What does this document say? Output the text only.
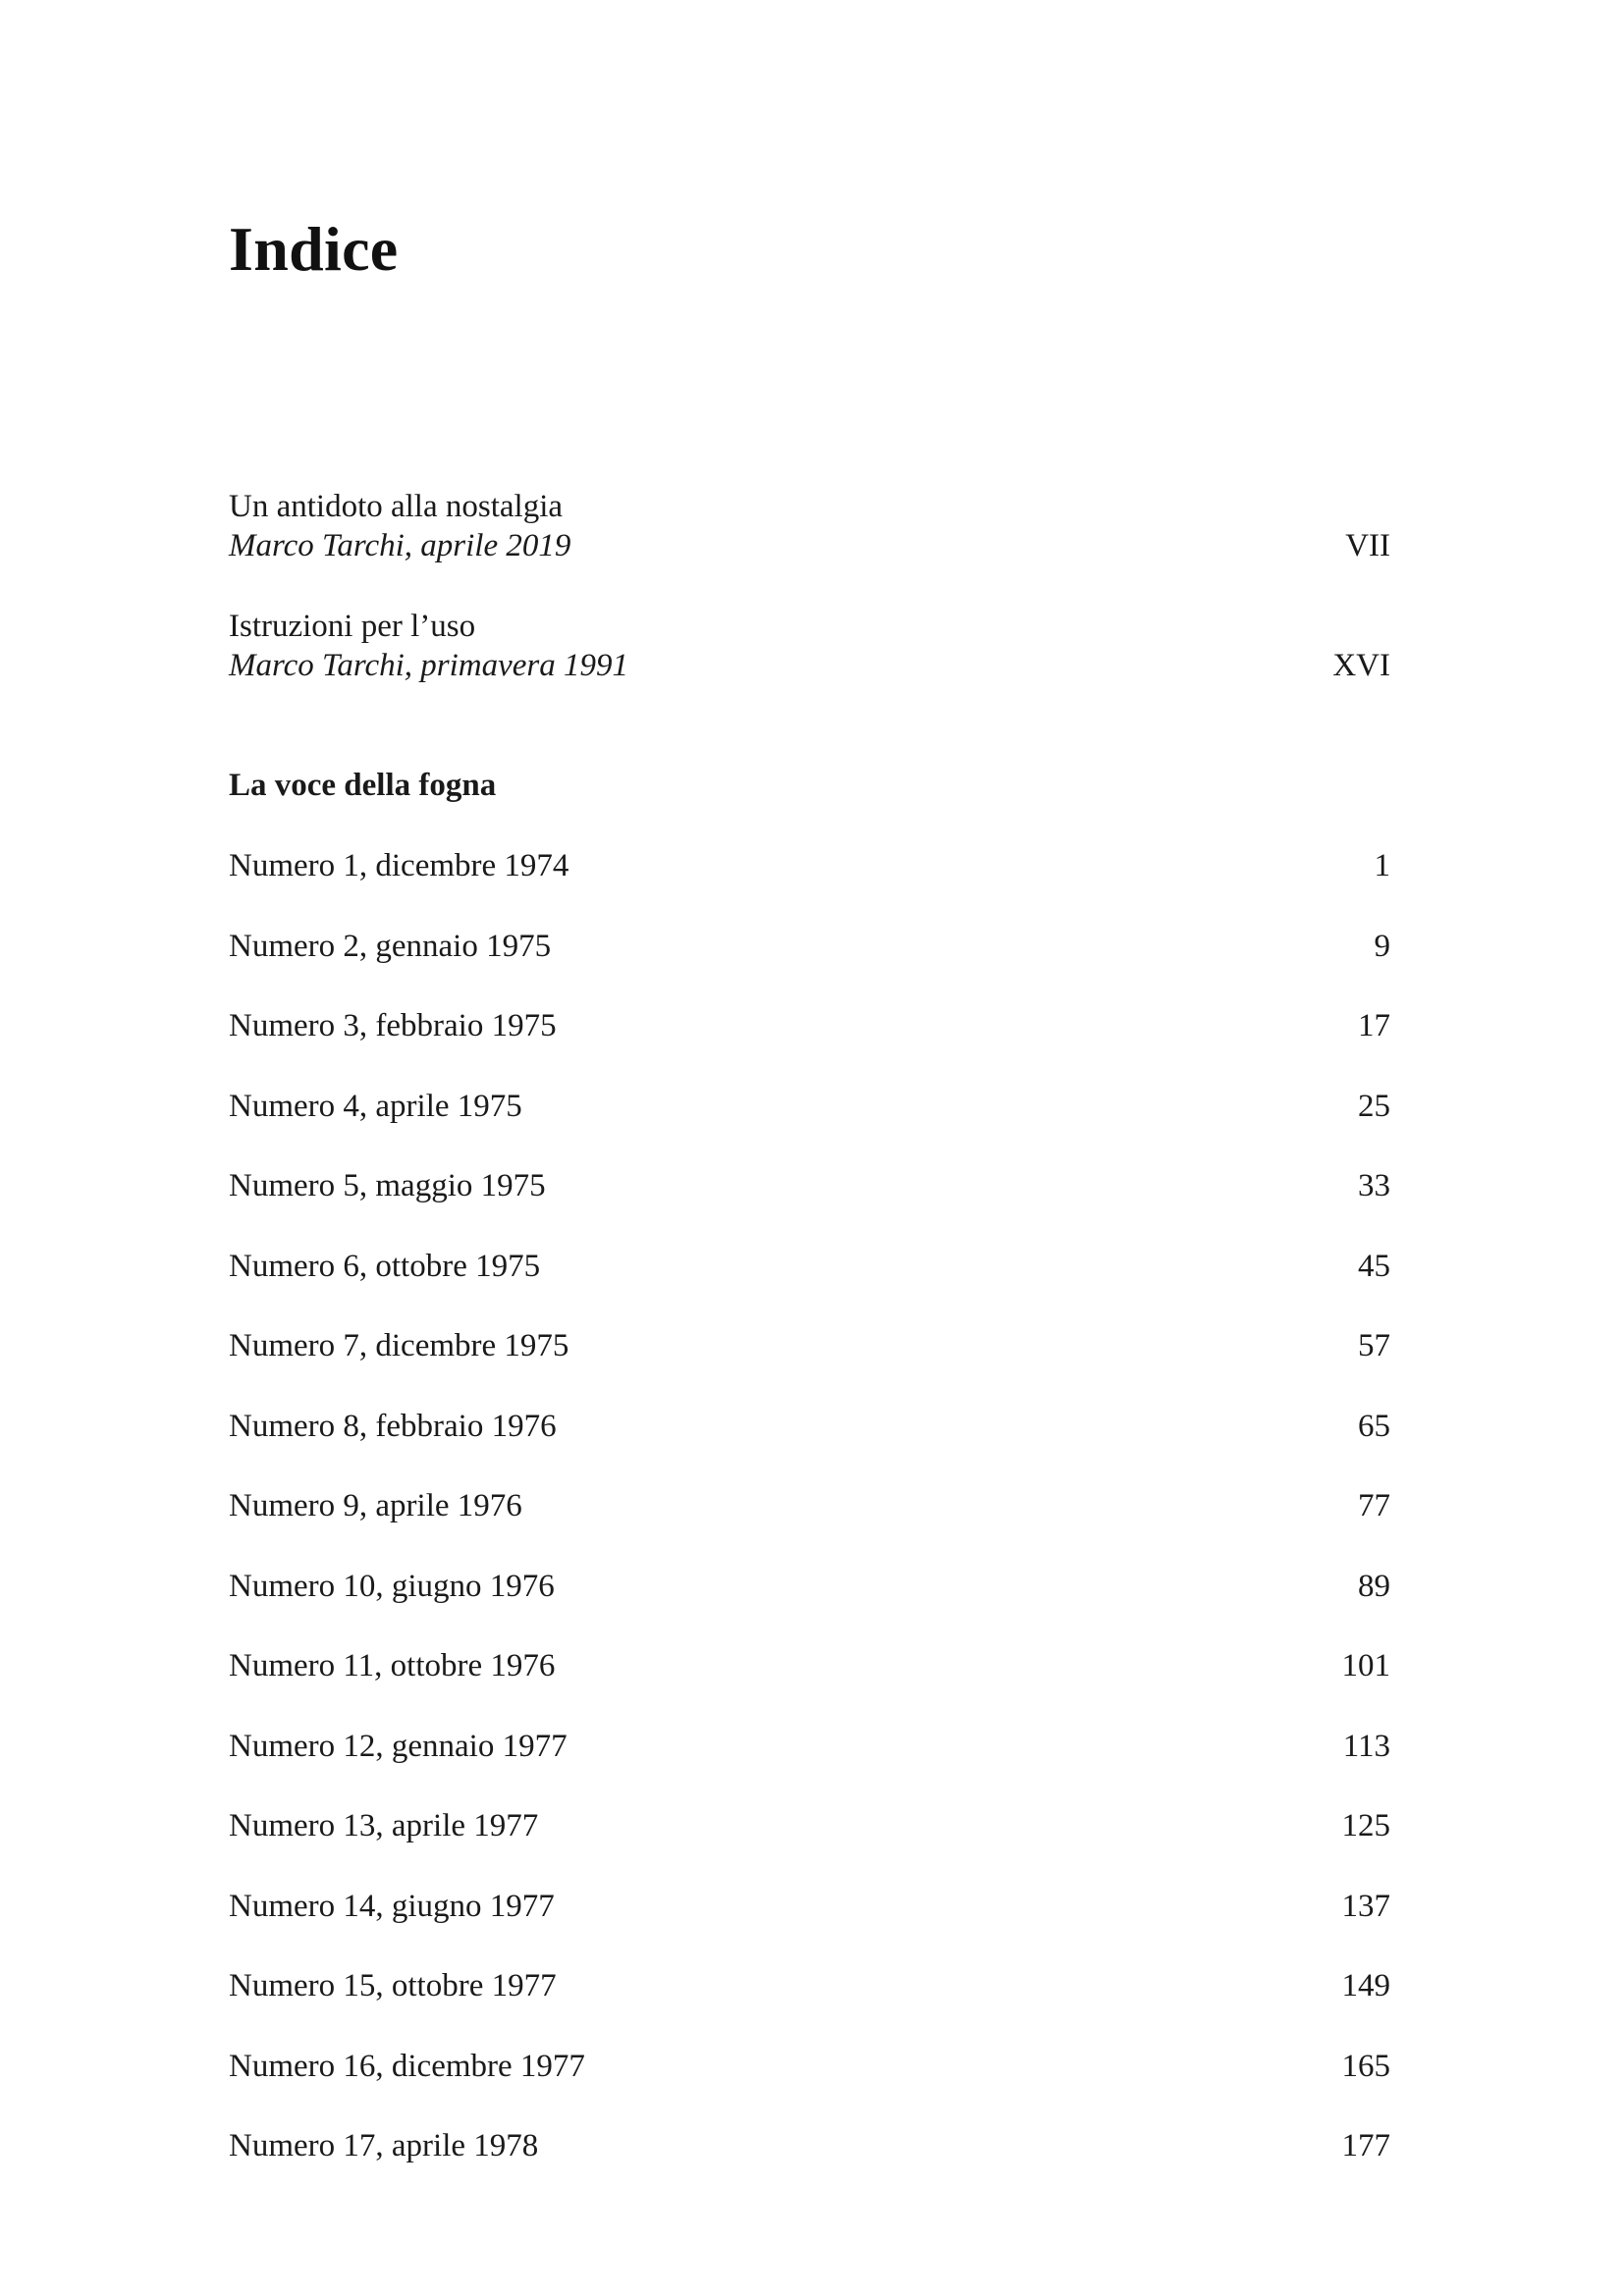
Indice
Un antidoto alla nostalgia
Marco Tarchi, aprile 2019	VII
Istruzioni per l’uso
Marco Tarchi, primavera 1991	XVI
La voce della fogna
Numero 1, dicembre 1974	1
Numero 2, gennaio 1975	9
Numero 3, febbraio 1975	17
Numero 4, aprile 1975	25
Numero 5, maggio 1975	33
Numero 6, ottobre 1975	45
Numero 7, dicembre 1975	57
Numero 8, febbraio 1976	65
Numero 9, aprile 1976	77
Numero 10, giugno 1976	89
Numero 11, ottobre 1976	101
Numero 12, gennaio 1977	113
Numero 13, aprile 1977	125
Numero 14, giugno 1977	137
Numero 15, ottobre 1977	149
Numero 16, dicembre 1977	165
Numero 17, aprile 1978	177
